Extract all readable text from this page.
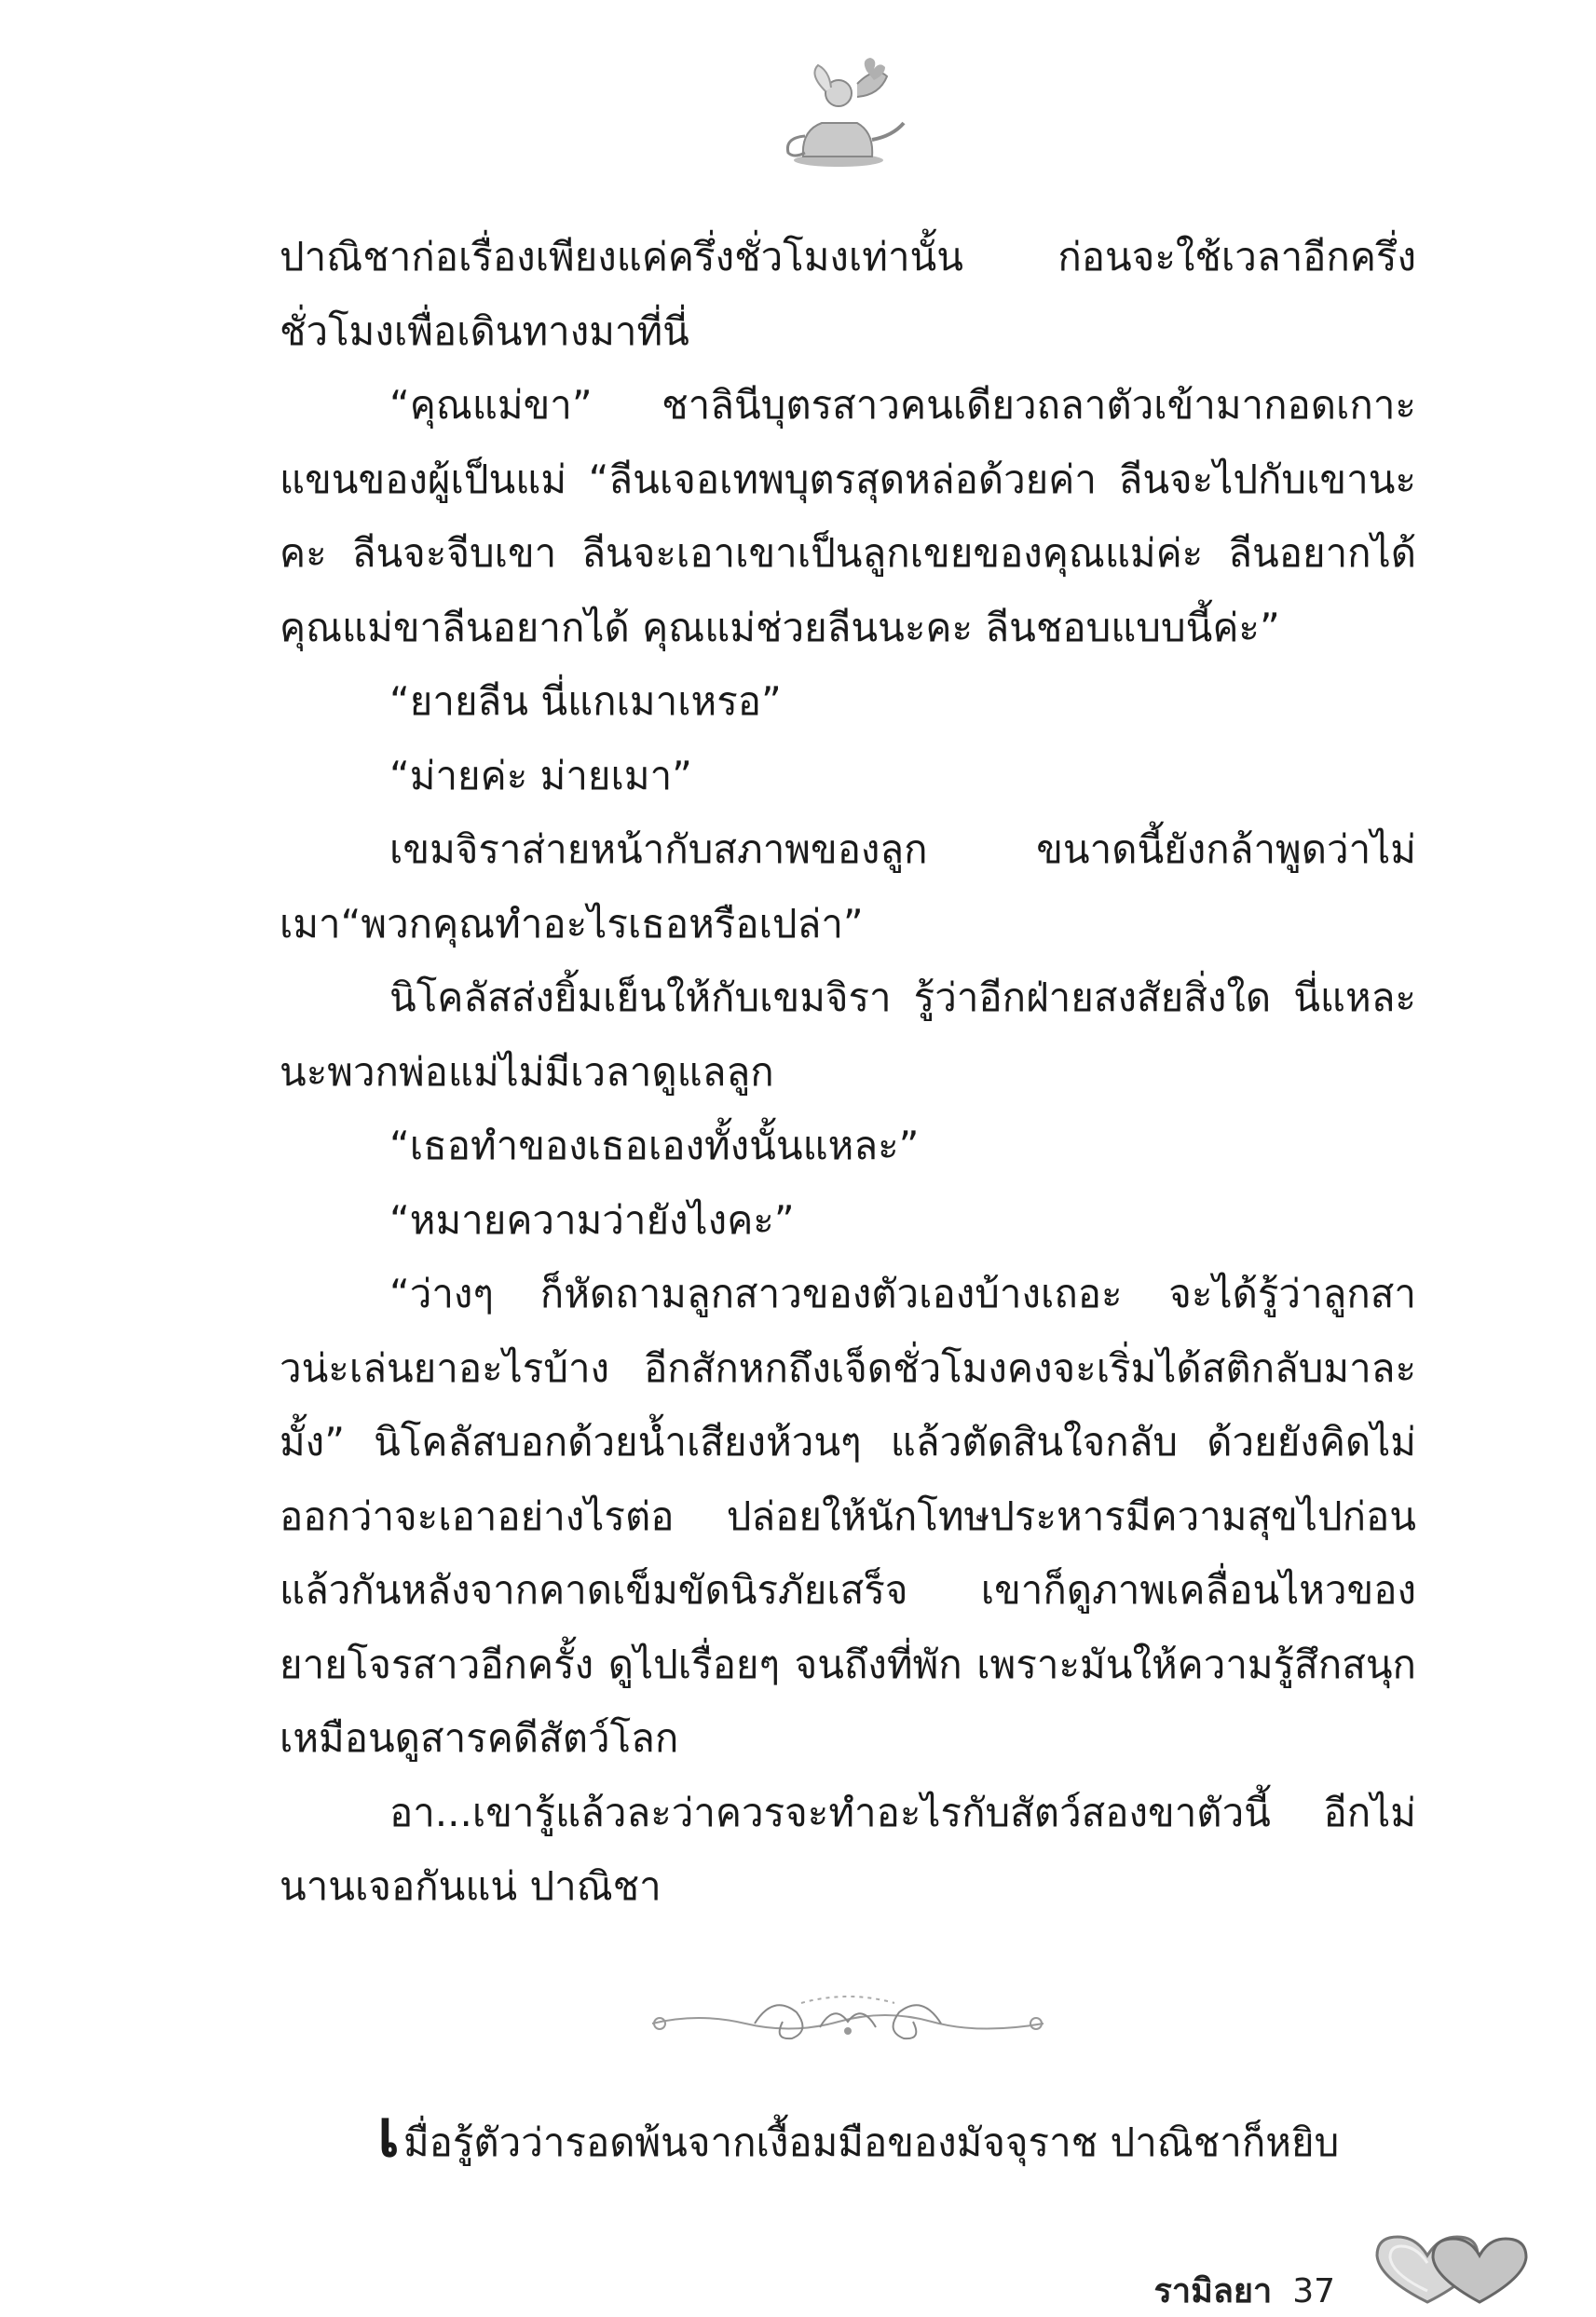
ปาณิชาก่อเรื่องเพียงแค่ครึ่งชั่วโมงเท่านั้น ก่อนจะใช้เวลาอีกครึ่งชั่วโมงเพื่อเดินทางมาที่นี่

“คุณแม่ขา” ชาลินีบุตรสาวคนเดียวถลาตัวเข้ามากอดเกาะแขนของผู้เป็นแม่ “ลีนเจอเทพบุตรสุดหล่อด้วยค่า ลีนจะไปกับเขานะคะ ลีนจะจีบเขา ลีนจะเอาเขาเป็นลูกเขยของคุณแม่ค่ะ ลีนอยากได้ คุณแม่ขาลีนอยากได้ คุณแม่ช่วยลีนนะคะ ลีนชอบแบบนี้ค่ะ”

“ยายลีน นี่แกเมาเหรอ”

“ม่ายค่ะ ม่ายเมา”

เขมจิราส่ายหน้ากับสภาพของลูก ขนาดนี้ยังกล้าพูดว่าไม่เมา“พวกคุณทำอะไรเธอหรือเปล่า”

นิโคลัสส่งยิ้มเย็นให้กับเขมจิรา รู้ว่าอีกฝ่ายสงสัยสิ่งใด นี่แหละนะพวกพ่อแม่ไม่มีเวลาดูแลลูก

“เธอทำของเธอเองทั้งนั้นแหละ”

“หมายความว่ายังไงคะ”

“ว่างๆ ก็หัดถามลูกสาวของตัวเองบ้างเถอะ จะได้รู้ว่าลูกสาวน่ะเล่นยาอะไรบ้าง อีกสักหกถึงเจ็ดชั่วโมงคงจะเริ่มได้สติกลับมาละมั้ง” นิโคลัสบอกด้วยน้ำเสียงห้วนๆ แล้วตัดสินใจกลับ ด้วยยังคิดไม่ออกว่าจะเอาอย่างไรต่อ ปล่อยให้นักโทษประหารมีความสุขไปก่อนแล้วกันหลังจากคาดเข็มขัดนิรภัยเสร็จ เขาก็ดูภาพเคลื่อนไหวของยายโจรสาวอีกครั้ง ดูไปเรื่อยๆ จนถึงที่พัก เพราะมันให้ความรู้สึกสนุกเหมือนดูสารคดีสัตว์โลก

อา...เขารู้แล้วละว่าควรจะทำอะไรกับสัตว์สองขาตัวนี้ อีกไม่นานเจอกันแน่ ปาณิชา

เมื่อรู้ตัวว่ารอดพ้นจากเงื้อมมือของมัจจุราช ปาณิชาก็หยิบ
รามิลยา 37
